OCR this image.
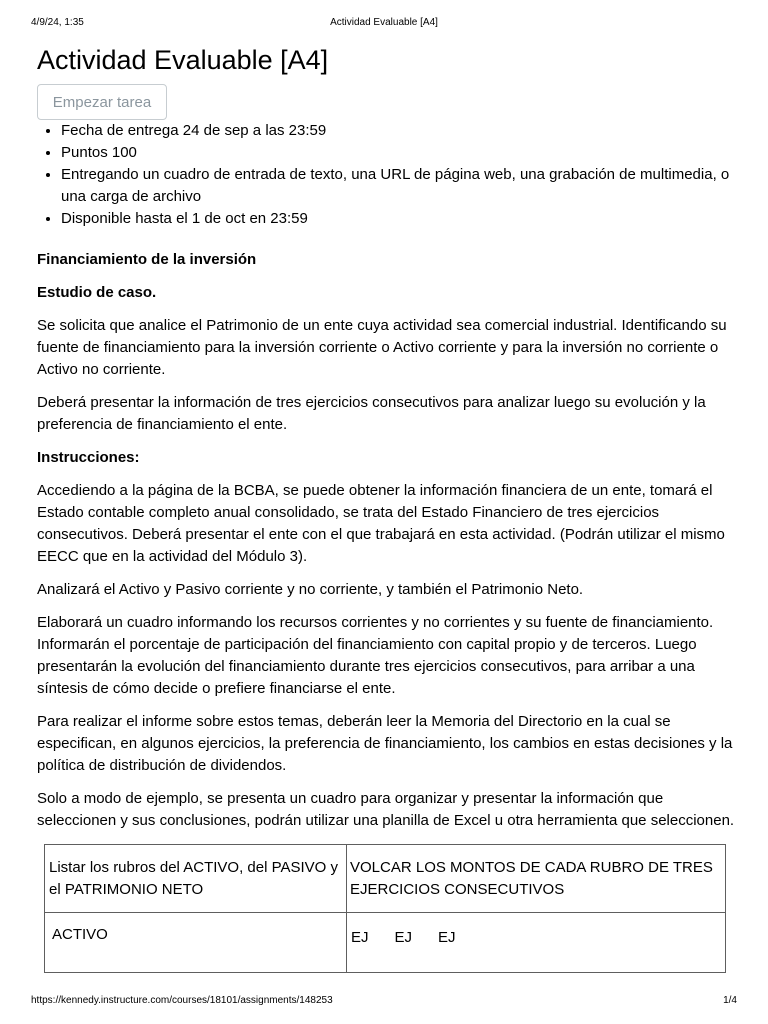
4/9/24, 1:35	Actividad Evaluable [A4]
Actividad Evaluable [A4]
Empezar tarea
• Fecha de entrega 24 de sep a las 23:59
• Puntos 100
• Entregando un cuadro de entrada de texto, una URL de página web, una grabación de multimedia, o una carga de archivo
• Disponible hasta el 1 de oct en 23:59

Financiamiento de la inversión

Estudio de caso.

Se solicita que analice el Patrimonio de un ente cuya actividad sea comercial industrial. Identificando su fuente de financiamiento para la inversión corriente o Activo corriente y para la inversión no corriente o Activo no corriente.

Deberá presentar la información de tres ejercicios consecutivos para analizar luego su evolución y la preferencia de financiamiento el ente.

Instrucciones:

Accediendo a la página de la BCBA, se puede obtener la información financiera de un ente, tomará el Estado contable completo anual consolidado, se trata del Estado Financiero de tres ejercicios consecutivos. Deberá presentar el ente con el que trabajará en esta actividad. (Podrán utilizar el mismo EECC que en la actividad del Módulo 3).

Analizará el Activo y Pasivo corriente y no corriente, y también el Patrimonio Neto.

Elaborará un cuadro informando los recursos corrientes y no corrientes y su fuente de financiamiento. Informarán el porcentaje de participación del financiamiento con capital propio y de terceros. Luego presentarán la evolución del financiamiento durante tres ejercicios consecutivos, para arribar a una síntesis de cómo decide o prefiere financiarse el ente.

Para realizar el informe sobre estos temas, deberán leer la Memoria del Directorio en la cual se especifican, en algunos ejercicios, la preferencia de financiamiento, los cambios en estas decisiones y la política de distribución de dividendos.

Solo a modo de ejemplo, se presenta un cuadro para organizar y presentar la información que seleccionen y sus conclusiones, podrán utilizar una planilla de Excel u otra herramienta que seleccionen.

Listar los rubros del ACTIVO, del PASIVO y el PATRIMONIO NETO	VOLCAR LOS MONTOS DE CADA RUBRO DE TRES EJERCICIOS CONSECUTIVOS
ACTIVO	EJ EJ EJ
https://kennedy.instructure.com/courses/18101/assignments/148253	1/4
